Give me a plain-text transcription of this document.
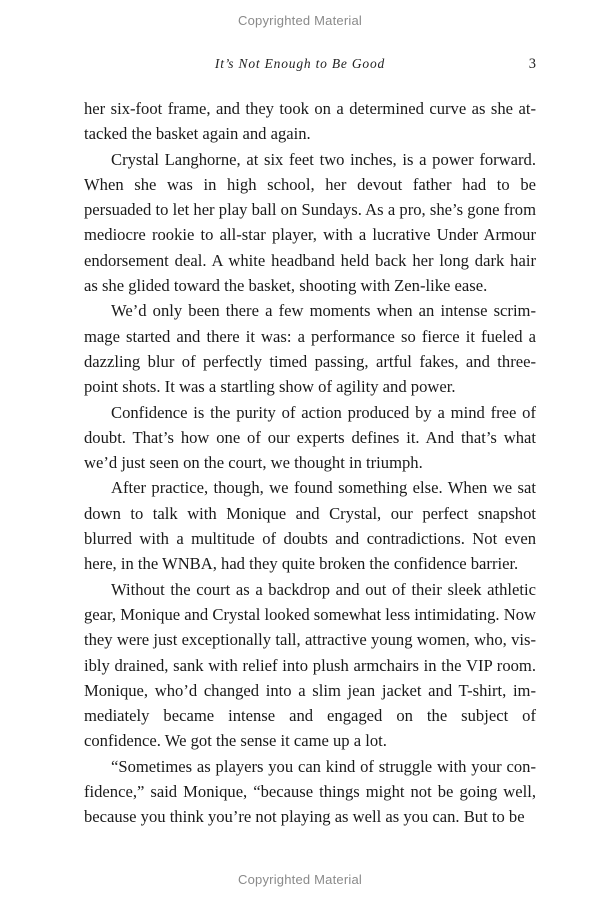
Copyrighted Material
It’s Not Enough to Be Good	3

her six-foot frame, and they took on a determined curve as she attacked the basket again and again.

Crystal Langhorne, at six feet two inches, is a power forward. When she was in high school, her devout father had to be persuaded to let her play ball on Sundays. As a pro, she’s gone from mediocre rookie to all-star player, with a lucrative Under Armour endorsement deal. A white headband held back her long dark hair as she glided toward the basket, shooting with Zen-like ease.

We’d only been there a few moments when an intense scrimmage started and there it was: a performance so fierce it fueled a dazzling blur of perfectly timed passing, artful fakes, and three-point shots. It was a startling show of agility and power.

Confidence is the purity of action produced by a mind free of doubt. That’s how one of our experts defines it. And that’s what we’d just seen on the court, we thought in triumph.

After practice, though, we found something else. When we sat down to talk with Monique and Crystal, our perfect snapshot blurred with a multitude of doubts and contradictions. Not even here, in the WNBA, had they quite broken the confidence barrier.

Without the court as a backdrop and out of their sleek athletic gear, Monique and Crystal looked somewhat less intimidating. Now they were just exceptionally tall, attractive young women, who, visibly drained, sank with relief into plush armchairs in the VIP room. Monique, who’d changed into a slim jean jacket and T-shirt, immediately became intense and engaged on the subject of confidence. We got the sense it came up a lot.

“Sometimes as players you can kind of struggle with your confidence,” said Monique, “because things might not be going well, because you think you’re not playing as well as you can. But to be

Copyrighted Material
